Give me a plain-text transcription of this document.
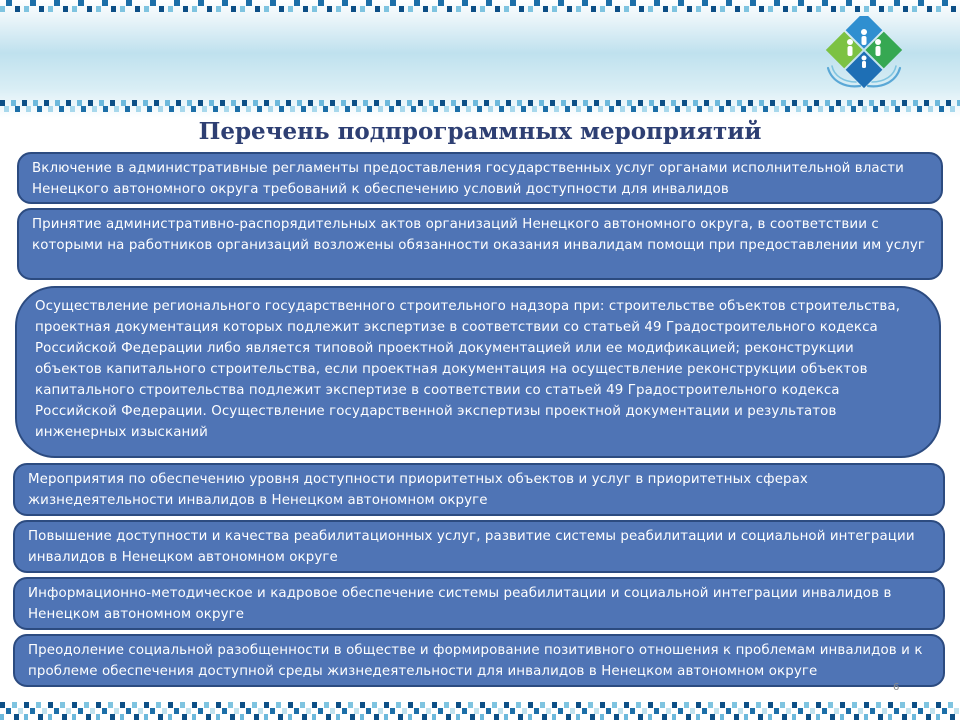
Перечень подпрограммных мероприятий
Включение в административные регламенты предоставления государственных услуг органами исполнительной власти Ненецкого автономного округа требований к обеспечению условий доступности для инвалидов
Принятие административно-распорядительных актов организаций Ненецкого автономного округа, в соответствии с которыми на работников организаций возложены обязанности оказания инвалидам помощи при предоставлении им услуг
Осуществление регионального государственного строительного надзора при: строительстве объектов строительства, проектная документация которых подлежит экспертизе в соответствии со статьей 49 Градостроительного кодекса Российской Федерации либо является типовой проектной документацией или ее модификацией; реконструкции объектов капитального строительства, если проектная документация на осуществление реконструкции объектов капитального строительства подлежит экспертизе в соответствии со статьей 49 Градостроительного кодекса Российской Федерации. Осуществление государственной экспертизы проектной документации и результатов инженерных изысканий
Мероприятия по обеспечению уровня доступности приоритетных объектов и услуг в приоритетных сферах жизнедеятельности инвалидов в Ненецком автономном округе
Повышение доступности и качества реабилитационных услуг, развитие системы реабилитации и социальной интеграции инвалидов в Ненецком автономном округе
Информационно-методическое и кадровое обеспечение системы реабилитации и социальной интеграции инвалидов в Ненецком автономном округе
Преодоление социальной разобщенности в обществе и формирование позитивного отношения к проблемам инвалидов и к проблеме обеспечения доступной среды жизнедеятельности для инвалидов в Ненецком автономном округе
6
